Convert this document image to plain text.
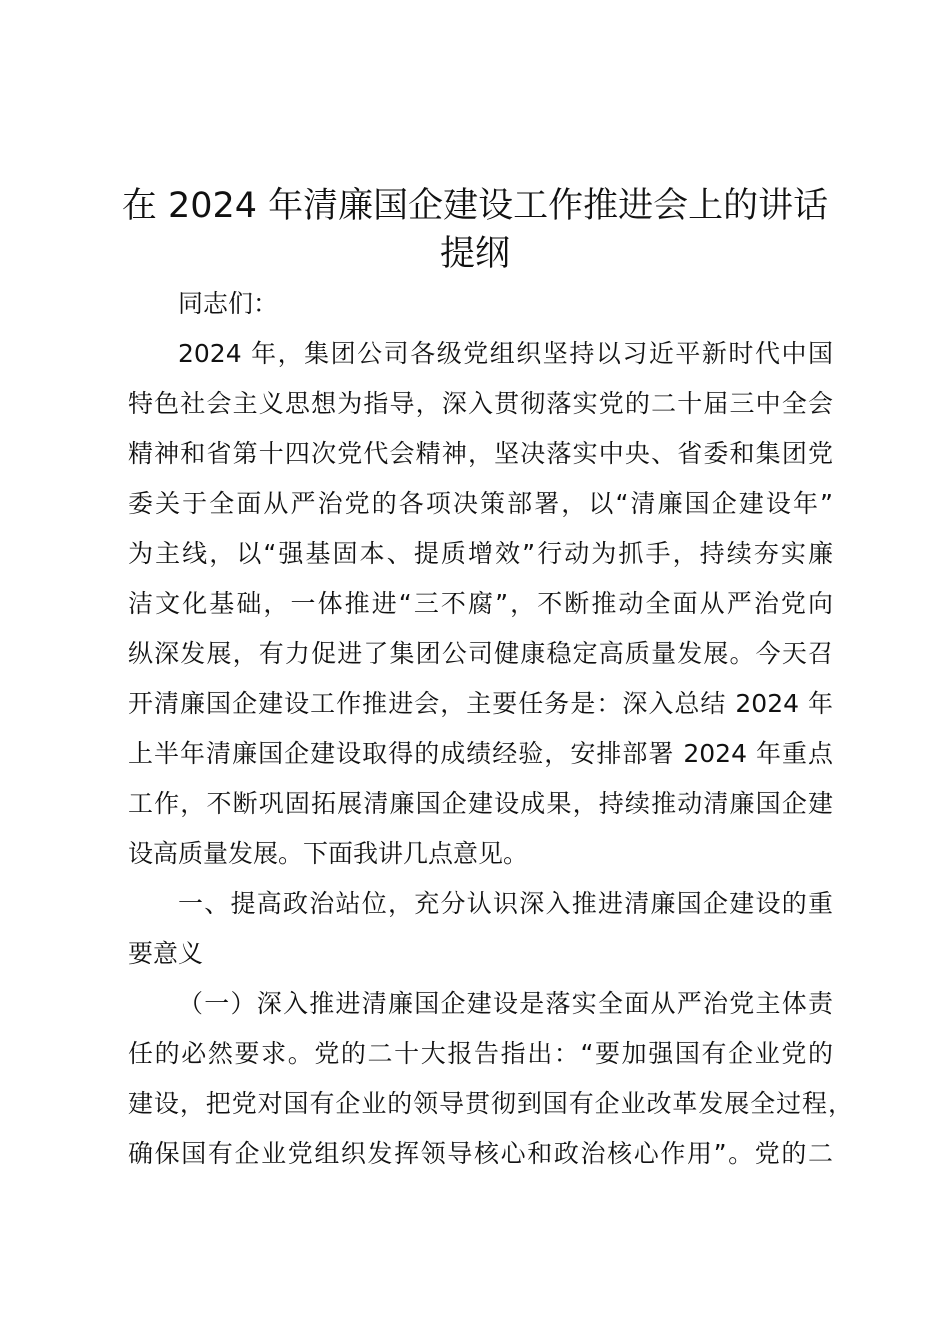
在 2024 年清廉国企建设工作推进会上的讲话
提纲
同志们：
2024 年，集团公司各级党组织坚持以习近平新时代中国
特色社会主义思想为指导，深入贯彻落实党的二十届三中全会
精神和省第十四次党代会精神，坚决落实中央、省委和集团党
委关于全面从严治党的各项决策部署，以“清廉国企建设年”
为主线，以“强基固本、提质增效”行动为抓手，持续夯实廉
洁文化基础，一体推进“三不腐”，不断推动全面从严治党向
纵深发展，有力促进了集团公司健康稳定高质量发展。今天召
开清廉国企建设工作推进会，主要任务是：深入总结 2024 年
上半年清廉国企建设取得的成绩经验，安排部署 2024 年重点
工作，不断巩固拓展清廉国企建设成果，持续推动清廉国企建
设高质量发展。下面我讲几点意见。
一、提高政治站位，充分认识深入推进清廉国企建设的重
要意义
（一）深入推进清廉国企建设是落实全面从严治党主体责
任的必然要求。党的二十大报告指出：“要加强国有企业党的
建设，把党对国有企业的领导贯彻到国有企业改革发展全过程，
确保国有企业党组织发挥领导核心和政治核心作用”。党的二
